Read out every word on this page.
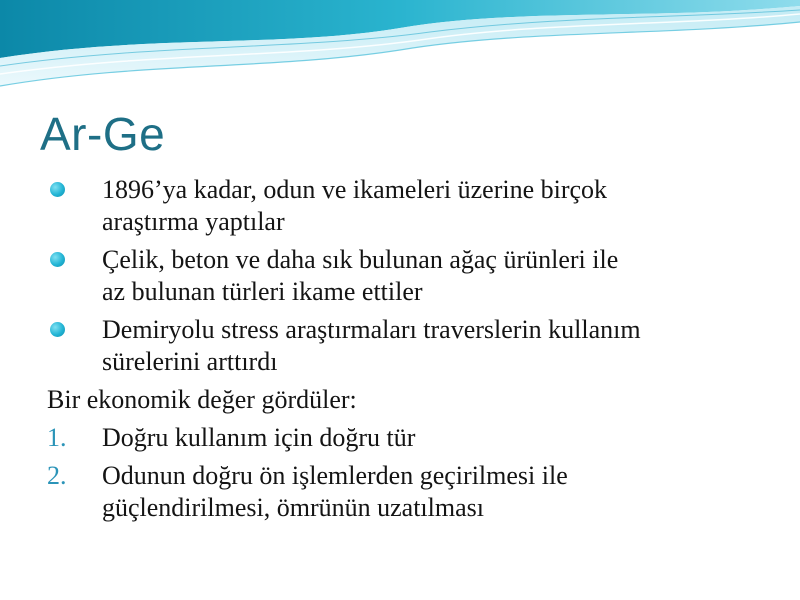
Ar-Ge
1896’ya kadar, odun ve ikameleri üzerine birçok
araştırma yaptılar
Çelik, beton ve daha sık bulunan ağaç ürünleri ile
az bulunan türleri ikame ettiler
Demiryolu stress araştırmaları traverslerin kullanım
sürelerini arttırdı
Bir ekonomik değer gördüler:
1. Doğru kullanım için doğru tür
2. Odunun doğru ön işlemlerden geçirilmesi ile
güçlendirilmesi, ömrünün uzatılması
